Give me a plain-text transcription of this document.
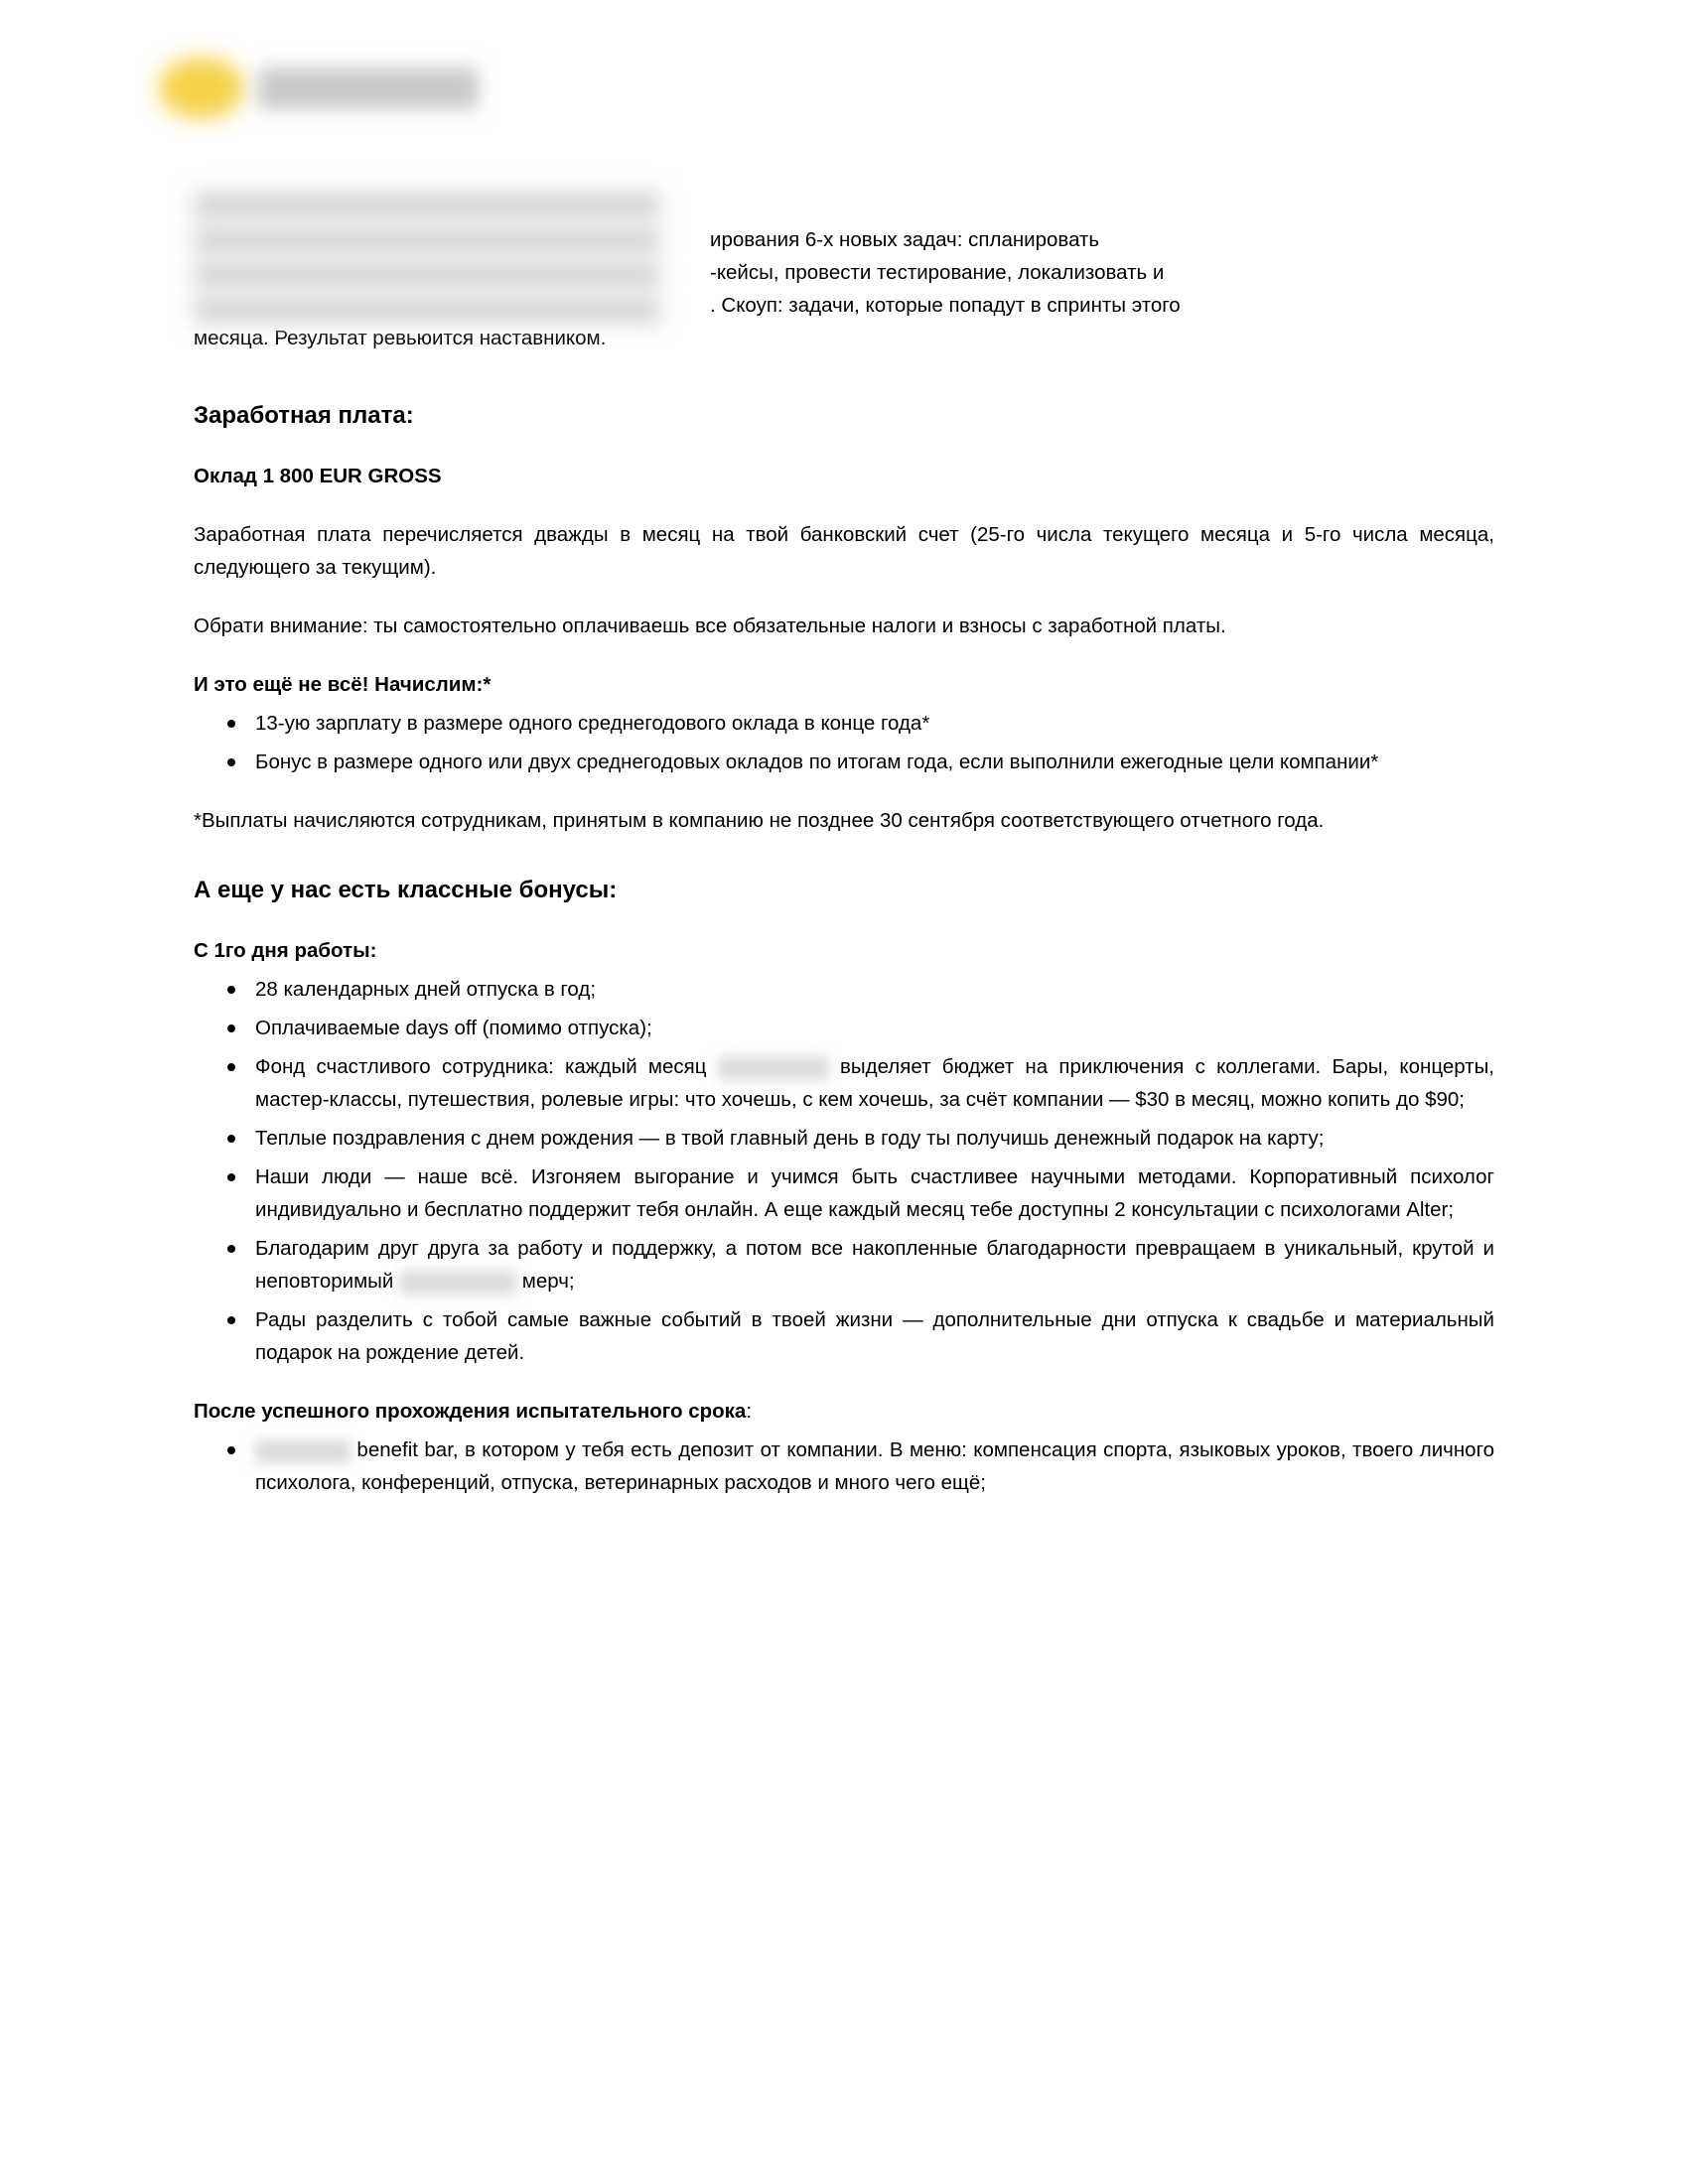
ирования 6-х новых задач: спланировать

-кейсы, провести тестирование, локализовать и

. Скоуп: задачи, которые попадут в спринты этого

месяца. Результат ревьюится наставником.

Заработная плата:

Оклад 1 800 EUR GROSS

Заработная плата перечисляется дважды в месяц на твой банковский счет (25-го числа текущего месяца и 5-го числа месяца, следующего за текущим).

Обрати внимание: ты самостоятельно оплачиваешь все обязательные налоги и взносы с заработной платы.

И это ещё не всё! Начислим:*

13-ую зарплату в размере одного среднегодового оклада в конце года*
Бонус в размере одного или двух среднегодовых окладов по итогам года, если выполнили ежегодные цели компании*

*Выплаты начисляются сотрудникам, принятым в компанию не позднее 30 сентября соответствующего отчетного года.

А еще у нас есть классные бонусы:

С 1го дня работы:

28 календарных дней отпуска в год;
Оплачиваемые days off (помимо отпуска);
Фонд счастливого сотрудника: каждый месяц	выделяет бюджет на приключения с коллегами. Бары, концерты, мастер-классы, путешествия, ролевые игры: что хочешь, с кем хочешь, за счёт компании — $30 в месяц, можно копить до $90;
Теплые поздравления с днем рождения — в твой главный день в году ты получишь денежный подарок на карту;
Наши люди — наше всё. Изгоняем выгорание и учимся быть счастливее научными методами. Корпоративный психолог индивидуально и бесплатно поддержит тебя онлайн. А еще каждый месяц тебе доступны 2 консультации с психологами Alter;
Благодарим друг друга за работу и поддержку, а потом все накопленные благодарности превращаем в уникальный, крутой и неповторимый	мерч;
Рады разделить с тобой самые важные событий в твоей жизни — дополнительные дни отпуска к свадьбе и материальный подарок на рождение детей.

После успешного прохождения испытательного срока:

benefit bar, в котором у тебя есть депозит от компании. В меню: компенсация спорта, языковых уроков, твоего личного психолога, конференций, отпуска, ветеринарных расходов и много чего ещё;
